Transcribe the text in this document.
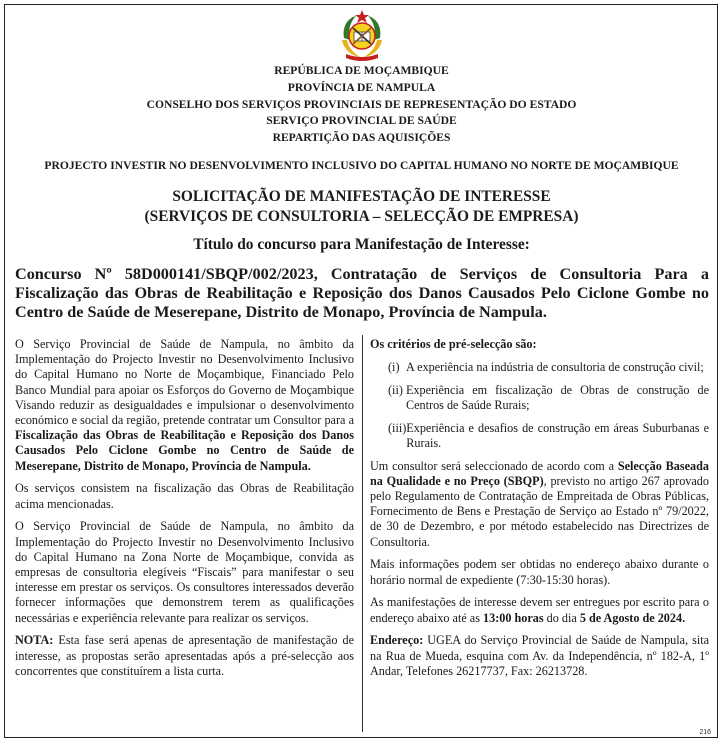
REPÚBLICA DE MOÇAMBIQUE
PROVÍNCIA DE NAMPULA
CONSELHO DOS SERVIÇOS PROVINCIAIS DE REPRESENTAÇÃO DO ESTADO
SERVIÇO PROVINCIAL DE SAÚDE
REPARTIÇÃO DAS AQUISIÇÕES
PROJECTO INVESTIR NO DESENVOLVIMENTO INCLUSIVO DO CAPITAL HUMANO NO NORTE DE MOÇAMBIQUE
SOLICITAÇÃO DE MANIFESTAÇÃO DE INTERESSE
(SERVIÇOS DE CONSULTORIA – SELECÇÃO DE EMPRESA)
Título do concurso para Manifestação de Interesse:
Concurso Nº 58D000141/SBQP/002/2023, Contratação de Serviços de Consultoria Para a Fiscalização das Obras de Reabilitação e Reposição dos Danos Causados Pelo Ciclone Gombe no Centro de Saúde de Meserepane, Distrito de Monapo, Província de Nampula.

O Serviço Provincial de Saúde de Nampula, no âmbito da Implementação do Projecto Investir no Desenvolvimento Inclusivo do Capital Humano no Norte de Moçambique, Financiado Pelo Banco Mundial para apoiar os Esforços do Governo de Moçambique Visando reduzir as desigualdades e impulsionar o desenvolvimento económico e social da região, pretende contratar um Consultor para a Fiscalização das Obras de Reabilitação e Reposição dos Danos Causados Pelo Ciclone Gombe no Centro de Saúde de Meserepane, Distrito de Monapo, Província de Nampula.

Os serviços consistem na fiscalização das Obras de Reabilitação acima mencionadas.

O Serviço Provincial de Saúde de Nampula, no âmbito da Implementação do Projecto Investir no Desenvolvimento Inclusivo do Capital Humano na Zona Norte de Moçambique, convida as empresas de consultoria elegíveis “Fiscais” para manifestar o seu interesse em prestar os serviços. Os consultores interessados deverão fornecer informações que demonstrem terem as qualificações necessárias e experiência relevante para realizar os serviços.

NOTA: Esta fase será apenas de apresentação de manifestação de interesse, as propostas serão apresentadas após a pré-selecção aos concorrentes que constituírem a lista curta.

Os critérios de pré-selecção são:

(i) A experiência na indústria de consultoria de construção civil;
(ii) Experiência em fiscalização de Obras de construção de Centros de Saúde Rurais;
(iii) Experiência e desafios de construção em áreas Suburbanas e Rurais.

Um consultor será seleccionado de acordo com a Selecção Baseada na Qualidade e no Preço (SBQP), previsto no artigo 267 aprovado pelo Regulamento de Contratação de Empreitada de Obras Públicas, Fornecimento de Bens e Prestação de Serviço ao Estado nº 79/2022, de 30 de Dezembro, e por método estabelecido nas Directrizes de Consultoria.

Mais informações podem ser obtidas no endereço abaixo durante o horário normal de expediente (7:30-15:30 horas).

As manifestações de interesse devem ser entregues por escrito para o endereço abaixo até as 13:00 horas do dia 5 de Agosto de 2024.

Endereço: UGEA do Serviço Provincial de Saúde de Nampula, sita na Rua de Mueda, esquina com Av. da Independência, nº 182-A, 1º Andar, Telefones 26217737, Fax: 26213728.

216
